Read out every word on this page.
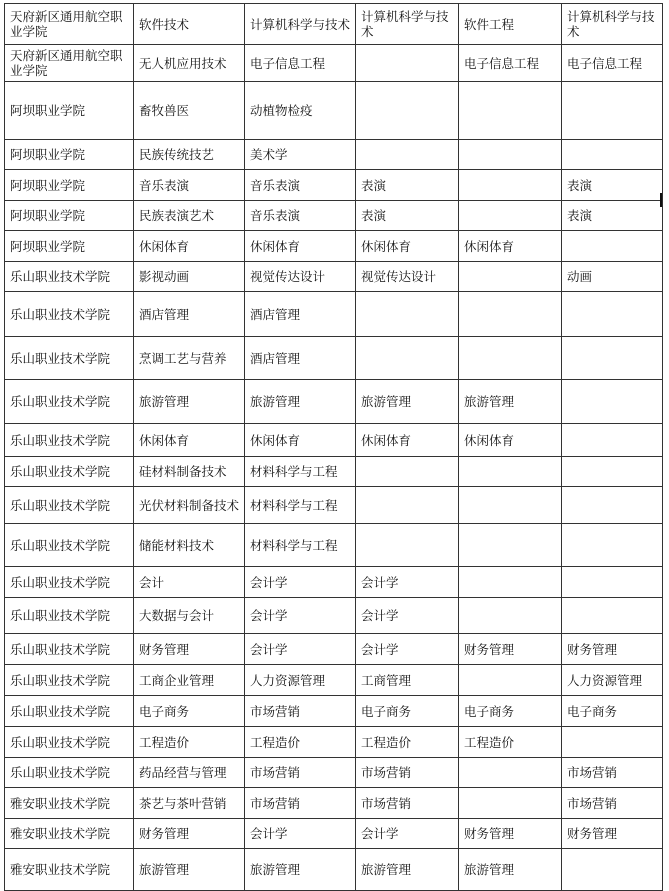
天府新区通用航空职业学院	软件技术	计算机科学与技术	计算机科学与技术	软件工程	计算机科学与技术
天府新区通用航空职业学院	无人机应用技术	电子信息工程		电子信息工程	电子信息工程
阿坝职业学院	畜牧兽医	动植物检疫			
阿坝职业学院	民族传统技艺	美术学			
阿坝职业学院	音乐表演	音乐表演	表演		表演
阿坝职业学院	民族表演艺术	音乐表演	表演		表演
阿坝职业学院	休闲体育	休闲体育	休闲体育	休闲体育	
乐山职业技术学院	影视动画	视觉传达设计	视觉传达设计		动画
乐山职业技术学院	酒店管理	酒店管理			
乐山职业技术学院	烹调工艺与营养	酒店管理			
乐山职业技术学院	旅游管理	旅游管理	旅游管理	旅游管理	
乐山职业技术学院	休闲体育	休闲体育	休闲体育	休闲体育	
乐山职业技术学院	硅材料制备技术	材料科学与工程			
乐山职业技术学院	光伏材料制备技术	材料科学与工程			
乐山职业技术学院	储能材料技术	材料科学与工程			
乐山职业技术学院	会计	会计学	会计学		
乐山职业技术学院	大数据与会计	会计学	会计学		
乐山职业技术学院	财务管理	会计学	会计学	财务管理	财务管理
乐山职业技术学院	工商企业管理	人力资源管理	工商管理		人力资源管理
乐山职业技术学院	电子商务	市场营销	电子商务	电子商务	电子商务
乐山职业技术学院	工程造价	工程造价	工程造价	工程造价	
乐山职业技术学院	药品经营与管理	市场营销	市场营销		市场营销
雅安职业技术学院	茶艺与茶叶营销	市场营销	市场营销		市场营销
雅安职业技术学院	财务管理	会计学	会计学	财务管理	财务管理
雅安职业技术学院	旅游管理	旅游管理	旅游管理	旅游管理	
